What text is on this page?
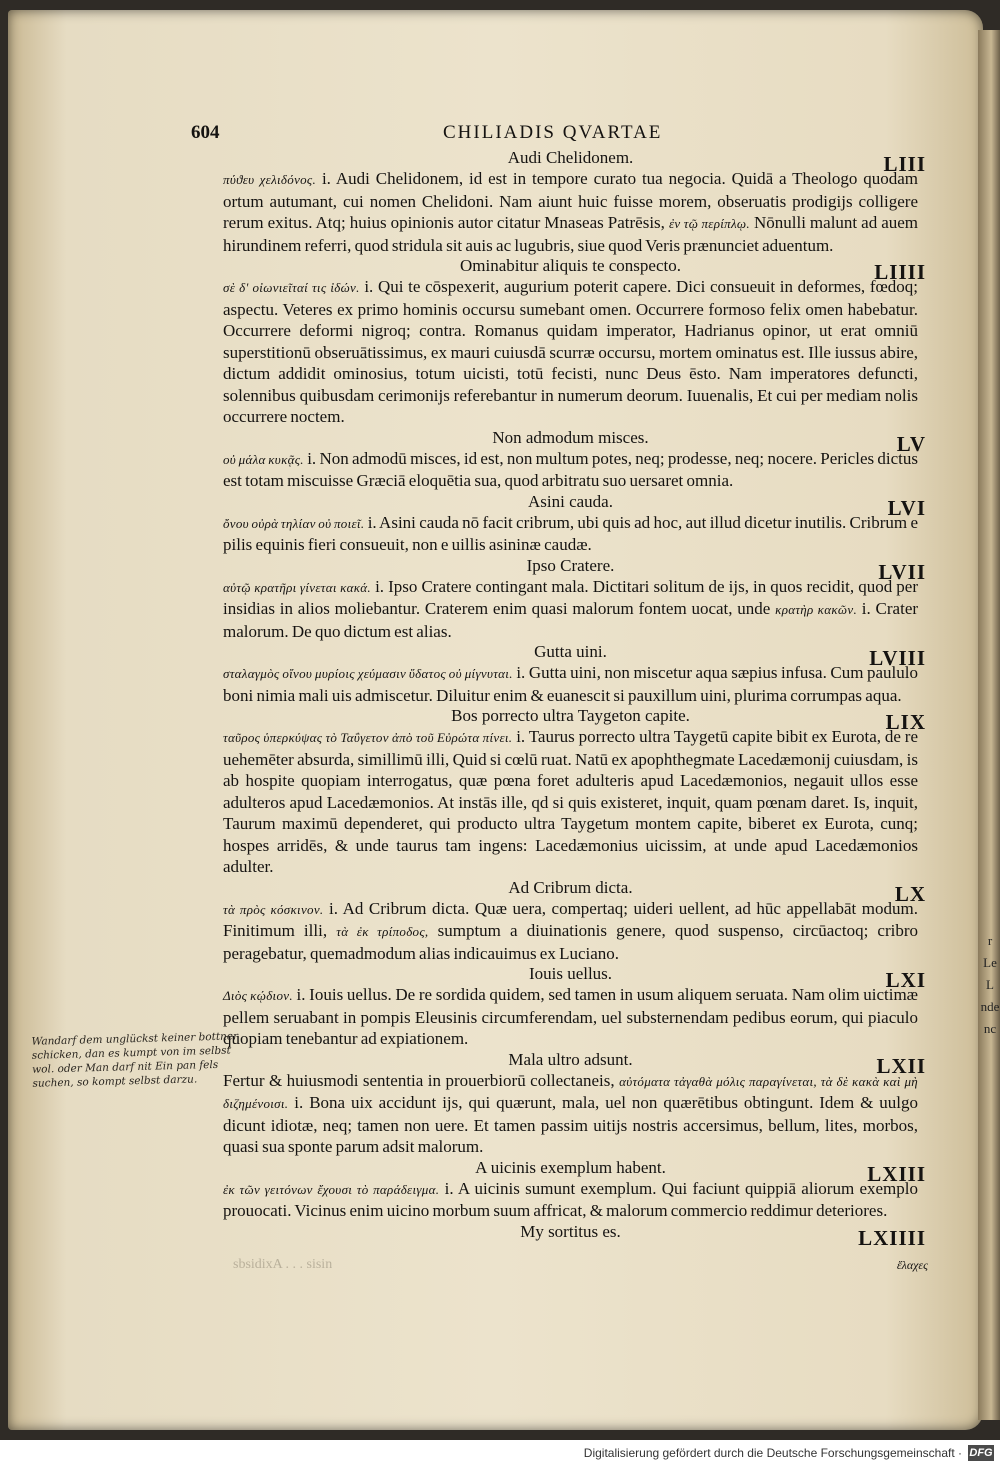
604	CHILIADIS QVARTAE
Audi Chelidonem.	LIII

πύϑευ χελιδόνος. i. Audi Chelidonem, id est in tempore curato tua negocia. Quidā a Theologo quodam ortum autumant, cui nomen Chelidoni. Nam aiunt huic fuisse morem, obseruatis prodigijs colligere rerum exitus. Atq; huius opinionis autor citatur Mnaseas Patrēsis, ἐν τῷ περίπλῳ. Nōnulli malunt ad auem hirundinem referri, quod stridula sit auis ac lugubris, siue quod Veris prænunciet aduentum.

Ominabitur aliquis te conspecto.	LIIII

σὲ δ' οἰωνιεῖταί τις ἰδών. i. Qui te cōspexerit, augurium poterit capere. Dici consueuit in deformes, fœdoq; aspectu. Veteres ex primo hominis occursu sumebant omen. Occurrere formoso felix omen habebatur. Occurrere deformi nigroq; contra. Romanus quidam imperator, Hadrianus opinor, ut erat omniū superstitionū obseruātissimus, ex mauri cuiusdā scurræ occursu, mortem ominatus est. Ille iussus abire, dictum addidit ominosius, totum uicisti, totū fecisti, nunc Deus ēsto. Nam imperatores defuncti, solennibus quibusdam cerimonijs referebantur in numerum deorum. Iuuenalis, Et cui per mediam nolis occurrere noctem.

Non admodum misces.	LV

οὐ μάλα κυκᾷς. i. Non admodū misces, id est, non multum potes, neq; prodesse, neq; nocere. Pericles dictus est totam miscuisse Græciā eloquētia sua, quod arbitratu suo uersaret omnia.

Asini cauda.	LVI

ὄνου οὐρὰ τηλίαν οὐ ποιεῖ. i. Asini cauda nō facit cribrum, ubi quis ad hoc, aut illud dicetur inutilis. Cribrum e pilis equinis fieri consueuit, non e uillis asininæ caudæ.

Ipso Cratere.	LVII

αὐτῷ κρατῆρι γίνεται κακά. i. Ipso Cratere contingant mala. Dictitari solitum de ijs, in quos recidit, quod per insidias in alios moliebantur. Craterem enim quasi malorum fontem uocat, unde κρατὴρ κακῶν. i. Crater malorum. De quo dictum est alias.

Gutta uini.	LVIII

σταλαγμὸς οἴνου μυρίοις χεύμασιν ὕδατος οὐ μίγνυται. i. Gutta uini, non miscetur aqua sæpius infusa. Cum paululo boni nimia mali uis admiscetur. Diluitur enim & euanescit si pauxillum uini, plurima corrumpas aqua.

Bos porrecto ultra Taygeton capite.	LIX

ταῦρος ὑπερκύψας τὸ Ταΰγετον ἀπὸ τοῦ Εὐρώτα πίνει. i. Taurus porrecto ultra Taygetū capite bibit ex Eurota, de re uehemēter absurda, simillimū illi, Quid si cœlū ruat. Natū ex apophthegmate Lacedæmonij cuiusdam, is ab hospite quopiam interrogatus, quæ pœna foret adulteris apud Lacedæmonios, negauit ullos esse adulteros apud Lacedæmonios. At instās ille, qd si quis existeret, inquit, quam pœnam daret. Is, inquit, Taurum maximū dependeret, qui producto ultra Taygetum montem capite, biberet ex Eurota, cunq; hospes arridēs, & unde taurus tam ingens: Lacedæmonius uicissim, at unde apud Lacedæmonios adulter.

Ad Cribrum dicta.	LX

τὰ πρὸς κόσκινον. i. Ad Cribrum dicta. Quæ uera, compertaq; uideri uellent, ad hūc appellabāt modum. Finitimum illi, τὰ ἐκ τρίποδος, sumptum a diuinationis genere, quod suspenso, circūactoq; cribro peragebatur, quemadmodum alias indicauimus ex Luciano.

Iouis uellus.	LXI

Διὸς κῴδιον. i. Iouis uellus. De re sordida quidem, sed tamen in usum aliquem seruata. Nam olim uictimæ pellem seruabant in pompis Eleusinis circumferendam, uel substernendam pedibus eorum, qui piaculo quopiam tenebantur ad expiationem.

Mala ultro adsunt.	LXII

Fertur & huiusmodi sententia in prouerbiorū collectaneis, αὐτόματα τἀγαθὰ μόλις παραγίνεται, τὰ δὲ κακὰ καὶ μὴ διζημένοισι. i. Bona uix accidunt ijs, qui quærunt, mala, uel non quærētibus obtingunt. Idem & uulgo dicunt idiotæ, neq; tamen non uere. Et tamen passim uitijs nostris accersimus, bellum, lites, morbos, quasi sua sponte parum adsit malorum.

A uicinis exemplum habent.	LXIII

ἐκ τῶν γειτόνων ἔχουσι τὸ παράδειγμα. i. A uicinis sumunt exemplum. Qui faciunt quippiā aliorum exemplo prouocati. Vicinus enim uicino morbum suum affricat, & malorum commercio reddimur deteriores.

My sortitus es.	LXIIII

sbsidixA . . . sisin	ἔλαχες
Wandarf dem unglückst keiner bottner schicken, dan es kumpt von im selbst wol. oder Man darf nit Ein pan fels suchen, so kompt selbst darzu.
r
Le
L
nde
nc
Digitalisierung gefördert durch die Deutsche Forschungsgemeinschaft · DFG
